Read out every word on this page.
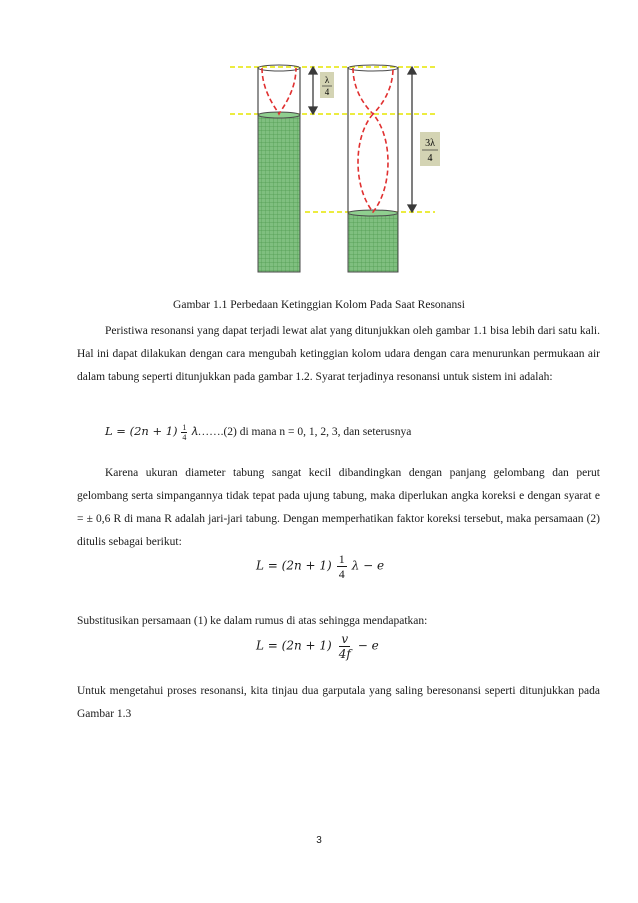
λ
4
3λ
4
Gambar 1.1 Perbedaan Ketinggian Kolom Pada Saat Resonansi
Peristiwa resonansi yang dapat terjadi lewat alat yang ditunjukkan oleh gambar 1.1 bisa lebih dari satu kali. Hal ini dapat dilakukan dengan cara mengubah ketinggian kolom udara dengan cara menurunkan permukaan air dalam tabung seperti ditunjukkan pada gambar 1.2. Syarat terjadinya resonansi untuk sistem ini adalah:
𝐿 = (2𝑛 + $1) \frac{1}{4}$ 𝜆…….(2) di mana n = 0, 1, 2, 3, dan seterusnya
Karena ukuran diameter tabung sangat kecil dibandingkan dengan panjang gelombang dan perut gelombang serta simpangannya tidak tepat pada ujung tabung, maka diperlukan angka koreksi e dengan syarat e = ± 0,6 R di mana R adalah jari-jari tabung. Dengan memperhatikan faktor koreksi tersebut, maka persamaan (2) ditulis sebagai berikut:
𝐿 = (2𝑛 + $1) \frac{1}{4}$ 𝜆 − 𝑒
Substitusikan persamaan (1) ke dalam rumus di atas sehingga mendapatkan:
𝐿 = (2𝑛 + $1) \frac{\text{𝑣}}{\text{4𝑓}}$ − 𝑒
Untuk mengetahui proses resonansi, kita tinjau dua garputala yang saling beresonansi seperti ditunjukkan pada Gambar 1.3
3
